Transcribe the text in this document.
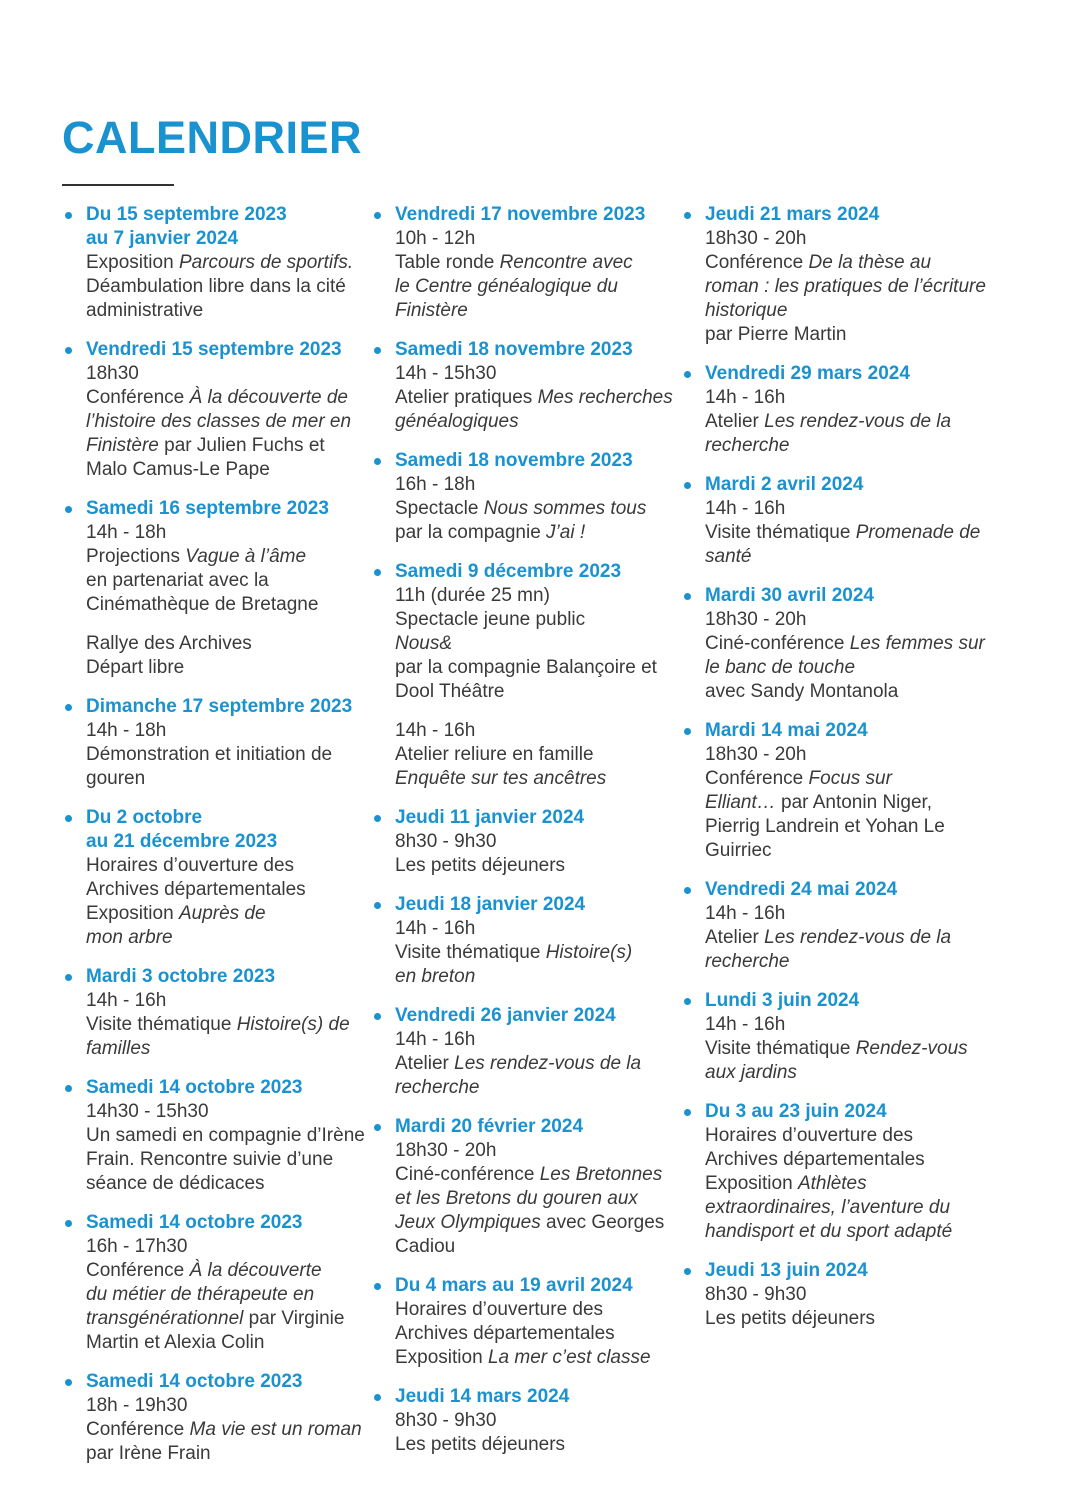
CALENDRIER
Du 15 septembre 2023
au 7 janvier 2024
Exposition Parcours de sportifs.
Déambulation libre dans la cité administrative
Vendredi 15 septembre 2023
18h30
Conférence À la découverte de l’histoire des classes de mer en Finistère par Julien Fuchs et Malo Camus-Le Pape
Samedi 16 septembre 2023
14h - 18h
Projections Vague à l’âme
en partenariat avec la Cinémathèque de Bretagne
Rallye des Archives
Départ libre
Dimanche 17 septembre 2023
14h - 18h
Démonstration et initiation de gouren
Du 2 octobre
au 21 décembre 2023
Horaires d’ouverture des Archives départementales
Exposition Auprès de
mon arbre
Mardi 3 octobre 2023
14h - 16h
Visite thématique Histoire(s) de familles
Samedi 14 octobre 2023
14h30 - 15h30
Un samedi en compagnie d’Irène Frain. Rencontre suivie d’une séance de dédicaces
Samedi 14 octobre 2023
16h - 17h30
Conférence À la découverte
du métier de thérapeute en transgénérationnel par Virginie Martin et Alexia Colin
Samedi 14 octobre 2023
18h - 19h30
Conférence Ma vie est un roman par Irène Frain
Vendredi 17 novembre 2023
10h - 12h
Table ronde Rencontre avec
le Centre généalogique du Finistère
Samedi 18 novembre 2023
14h - 15h30
Atelier pratiques Mes recherches généalogiques
Samedi 18 novembre 2023
16h - 18h
Spectacle Nous sommes tous par la compagnie J’ai !
Samedi 9 décembre 2023
11h (durée 25 mn)
Spectacle jeune public
Nous&
par la compagnie Balançoire et Dool Théâtre
14h - 16h
Atelier reliure en famille
Enquête sur tes ancêtres
Jeudi 11 janvier 2024
8h30 - 9h30
Les petits déjeuners
Jeudi 18 janvier 2024
14h - 16h
Visite thématique Histoire(s)
en breton
Vendredi 26 janvier 2024
14h - 16h
Atelier Les rendez-vous de la recherche
Mardi 20 février 2024
18h30 - 20h
Ciné-conférence Les Bretonnes et les Bretons du gouren aux Jeux Olympiques avec Georges Cadiou
Du 4 mars au 19 avril 2024
Horaires d’ouverture des Archives départementales
Exposition La mer c’est classe
Jeudi 14 mars 2024
8h30 - 9h30
Les petits déjeuners
Jeudi 21 mars 2024
18h30 - 20h
Conférence De la thèse au roman : les pratiques de l’écriture historique
par Pierre Martin
Vendredi 29 mars 2024
14h - 16h
Atelier Les rendez-vous de la recherche
Mardi 2 avril 2024
14h - 16h
Visite thématique Promenade de santé
Mardi 30 avril 2024
18h30 - 20h
Ciné-conférence Les femmes sur le banc de touche
avec Sandy Montanola
Mardi 14 mai 2024
18h30 - 20h
Conférence Focus sur
Elliant… par Antonin Niger, Pierrig Landrein et Yohan Le Guirriec
Vendredi 24 mai 2024
14h - 16h
Atelier Les rendez-vous de la recherche
Lundi 3 juin 2024
14h - 16h
Visite thématique Rendez-vous aux jardins
Du 3 au 23 juin 2024
Horaires d’ouverture des Archives départementales
Exposition Athlètes extraordinaires, l’aventure du handisport et du sport adapté
Jeudi 13 juin 2024
8h30 - 9h30
Les petits déjeuners
